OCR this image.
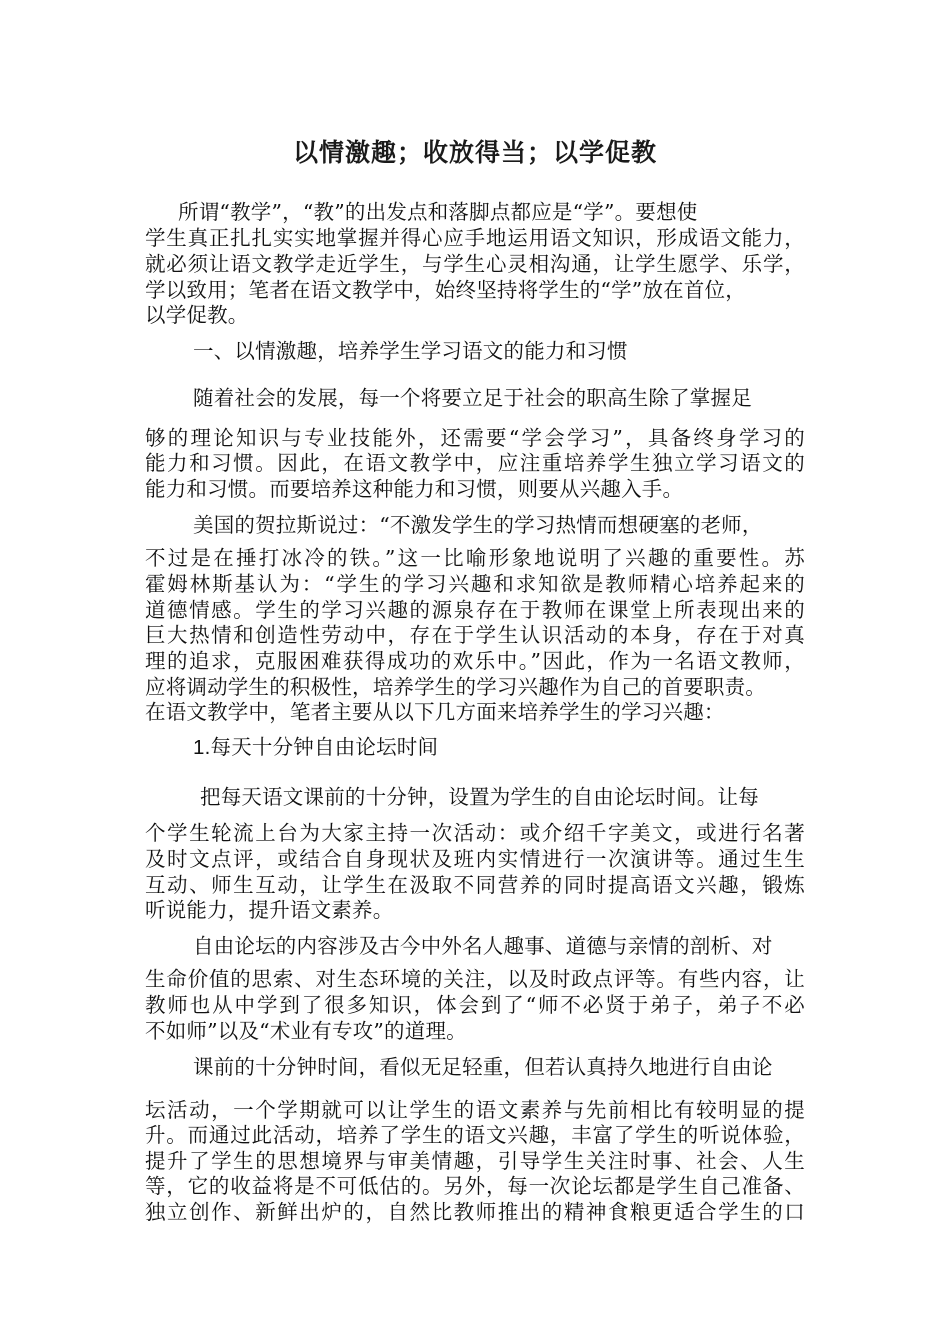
以情激趣；收放得当；以学促教
所谓“教学”，“教”的出发点和落脚点都应是“学”。要想使
学生真正扎扎实实地掌握并得心应手地运用语文知识，形成语文能力，
就必须让语文教学走近学生，与学生心灵相沟通，让学生愿学、乐学，
学以致用；笔者在语文教学中，始终坚持将学生的“学”放在首位，
以学促教。
一、以情激趣，培养学生学习语文的能力和习惯
随着社会的发展，每一个将要立足于社会的职高生除了掌握足
够的理论知识与专业技能外，还需要“学会学习”，具备终身学习的
能力和习惯。因此，在语文教学中，应注重培养学生独立学习语文的
能力和习惯。而要培养这种能力和习惯，则要从兴趣入手。
美国的贺拉斯说过：“不激发学生的学习热情而想硬塞的老师，
不过是在捶打冰冷的铁。”这一比喻形象地说明了兴趣的重要性。苏
霍姆林斯基认为：“学生的学习兴趣和求知欲是教师精心培养起来的
道德情感。学生的学习兴趣的源泉存在于教师在课堂上所表现出来的
巨大热情和创造性劳动中，存在于学生认识活动的本身，存在于对真
理的追求，克服困难获得成功的欢乐中。”因此，作为一名语文教师，
应将调动学生的积极性，培养学生的学习兴趣作为自己的首要职责。
在语文教学中，笔者主要从以下几方面来培养学生的学习兴趣：
1.每天十分钟自由论坛时间
把每天语文课前的十分钟，设置为学生的自由论坛时间。让每
个学生轮流上台为大家主持一次活动：或介绍千字美文，或进行名著
及时文点评，或结合自身现状及班内实情进行一次演讲等。通过生生
互动、师生互动，让学生在汲取不同营养的同时提高语文兴趣，锻炼
听说能力，提升语文素养。
自由论坛的内容涉及古今中外名人趣事、道德与亲情的剖析、对
生命价值的思索、对生态环境的关注，以及时政点评等。有些内容，让
教师也从中学到了很多知识，体会到了“师不必贤于弟子，弟子不必
不如师”以及“术业有专攻”的道理。
课前的十分钟时间，看似无足轻重，但若认真持久地进行自由论
坛活动，一个学期就可以让学生的语文素养与先前相比有较明显的提
升。而通过此活动，培养了学生的语文兴趣，丰富了学生的听说体验，
提升了学生的思想境界与审美情趣，引导学生关注时事、社会、人生
等，它的收益将是不可低估的。另外，每一次论坛都是学生自己准备、
独立创作、新鲜出炉的，自然比教师推出的精神食粮更适合学生的口
